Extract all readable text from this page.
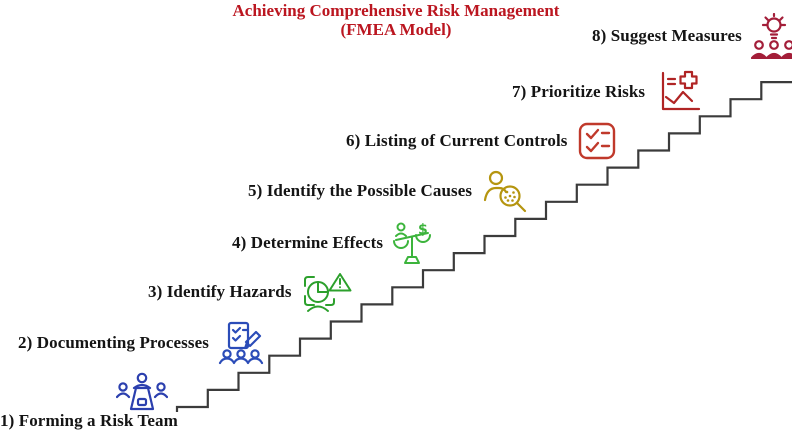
Achieving Comprehensive Risk Management
(FMEA Model)
1) Forming a Risk Team
2) Documenting Processes
3) Identify Hazards
4) Determine Effects
$
5) Identify the Possible Causes
6) Listing of Current Controls
7) Prioritize Risks
8) Suggest Measures
